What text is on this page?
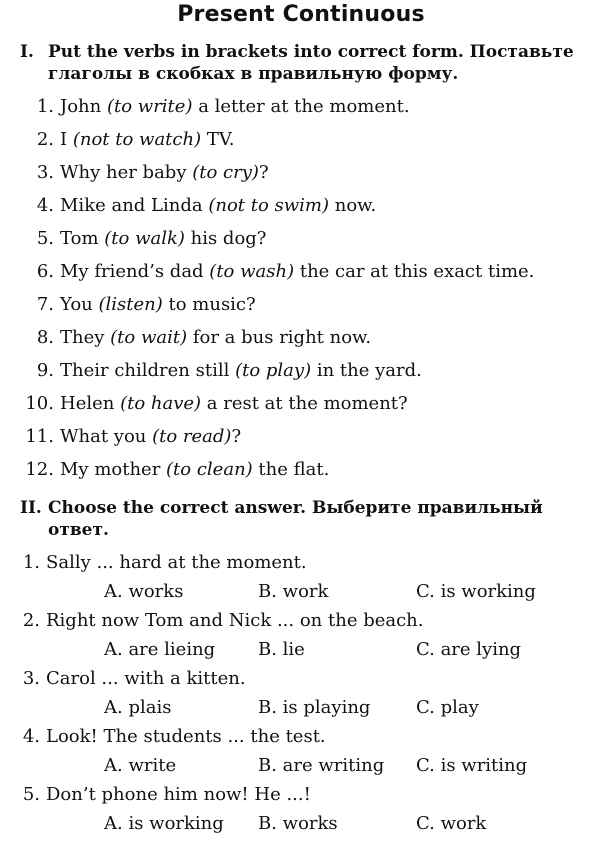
Present Continuous
I. Put the verbs in brackets into correct form. Поставьте
глаголы в скобках в правильную форму.
1. John (to write) a letter at the moment.
2. I (not to watch) TV.
3. Why her baby (to cry)?
4. Mike and Linda (not to swim) now.
5. Tom (to walk) his dog?
6. My friend’s dad (to wash) the car at this exact time.
7. You (listen) to music?
8. They (to wait) for a bus right now.
9. Their children still (to play) in the yard.
10. Helen (to have) a rest at the moment?
11. What you (to read)?
12. My mother (to clean) the flat.
II. Choose the correct answer. Выберите правильный
ответ.
1. Sally ... hard at the moment.
A. works	B. work	C. is working
2. Right now Tom and Nick ... on the beach.
A. are lieing B. lie	C. are lying
3. Carol ... with a kitten.
A. plais	B. is playing	C. play
4. Look! The students ... the test.
A. write	B. are writing C. is writing
5. Don’t phone him now! He ...!
A. is working B. works	C. work
